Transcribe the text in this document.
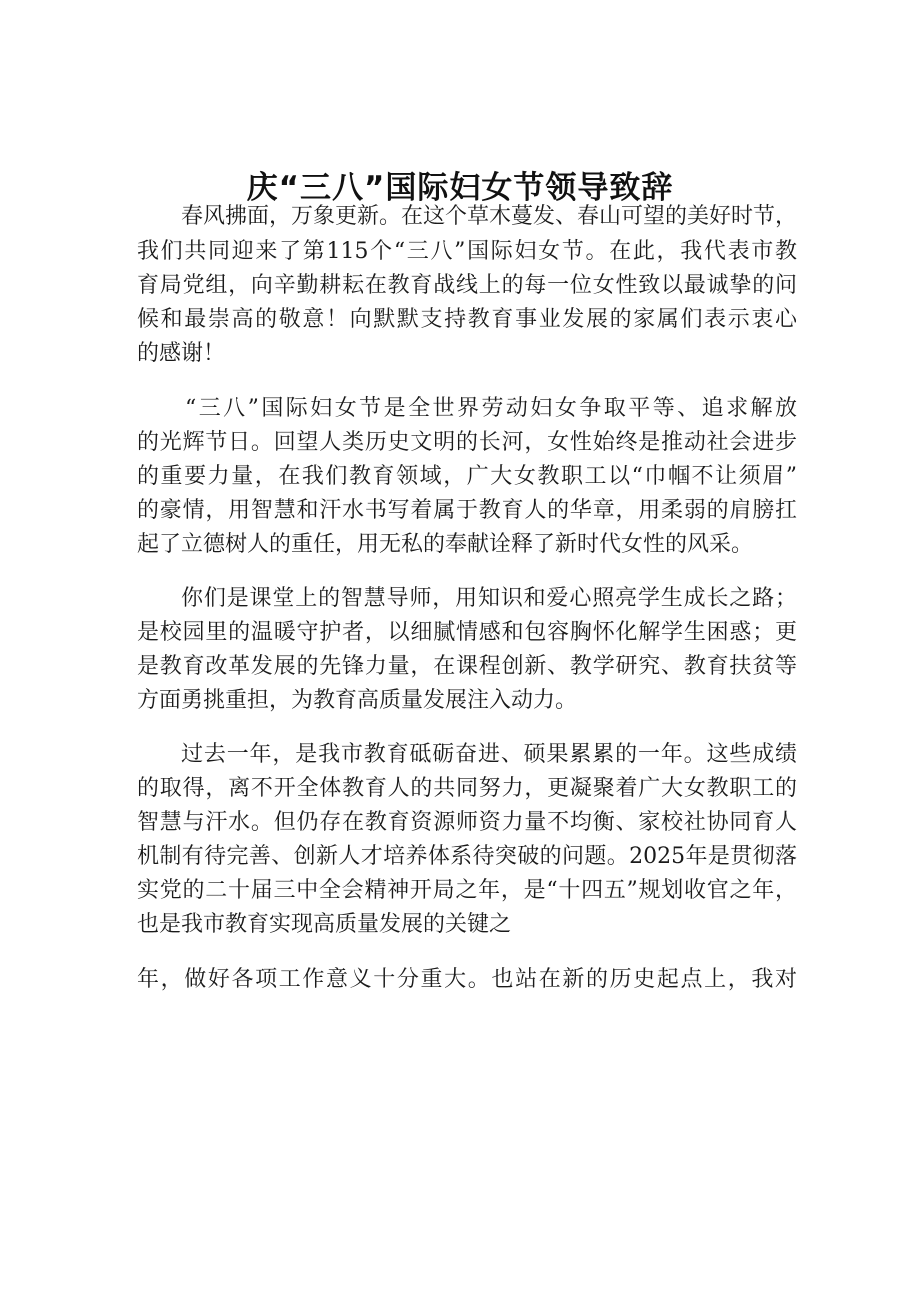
庆“三八”国际妇女节领导致辞

春风拂面，万象更新。在这个草木蔓发、春山可望的美好时节，

我们共同迎来了第115个“三八”国际妇女节。在此，我代表市教

育局党组，向辛勤耕耘在教育战线上的每一位女性致以最诚挚的问

候和最崇高的敬意！向默默支持教育事业发展的家属们表示衷心

的感谢！

“三八”国际妇女节是全世界劳动妇女争取平等、追求解放

的光辉节日。回望人类历史文明的长河，女性始终是推动社会进步

的重要力量，在我们教育领域，广大女教职工以“巾帼不让须眉”

的豪情，用智慧和汗水书写着属于教育人的华章，用柔弱的肩膀扛

起了立德树人的重任，用无私的奉献诠释了新时代女性的风采。

你们是课堂上的智慧导师，用知识和爱心照亮学生成长之路；

是校园里的温暖守护者，以细腻情感和包容胸怀化解学生困惑；更

是教育改革发展的先锋力量，在课程创新、教学研究、教育扶贫等

方面勇挑重担，为教育高质量发展注入动力。

过去一年，是我市教育砥砺奋进、硕果累累的一年。这些成绩

的取得，离不开全体教育人的共同努力，更凝聚着广大女教职工的

智慧与汗水。但仍存在教育资源师资力量不均衡、家校社协同育人

机制有待完善、创新人才培养体系待突破的问题。2025年是贯彻落

实党的二十届三中全会精神开局之年，是“十四五”规划收官之年，

也是我市教育实现高质量发展的关键之

年，做好各项工作意义十分重大。也站在新的历史起点上，我对
